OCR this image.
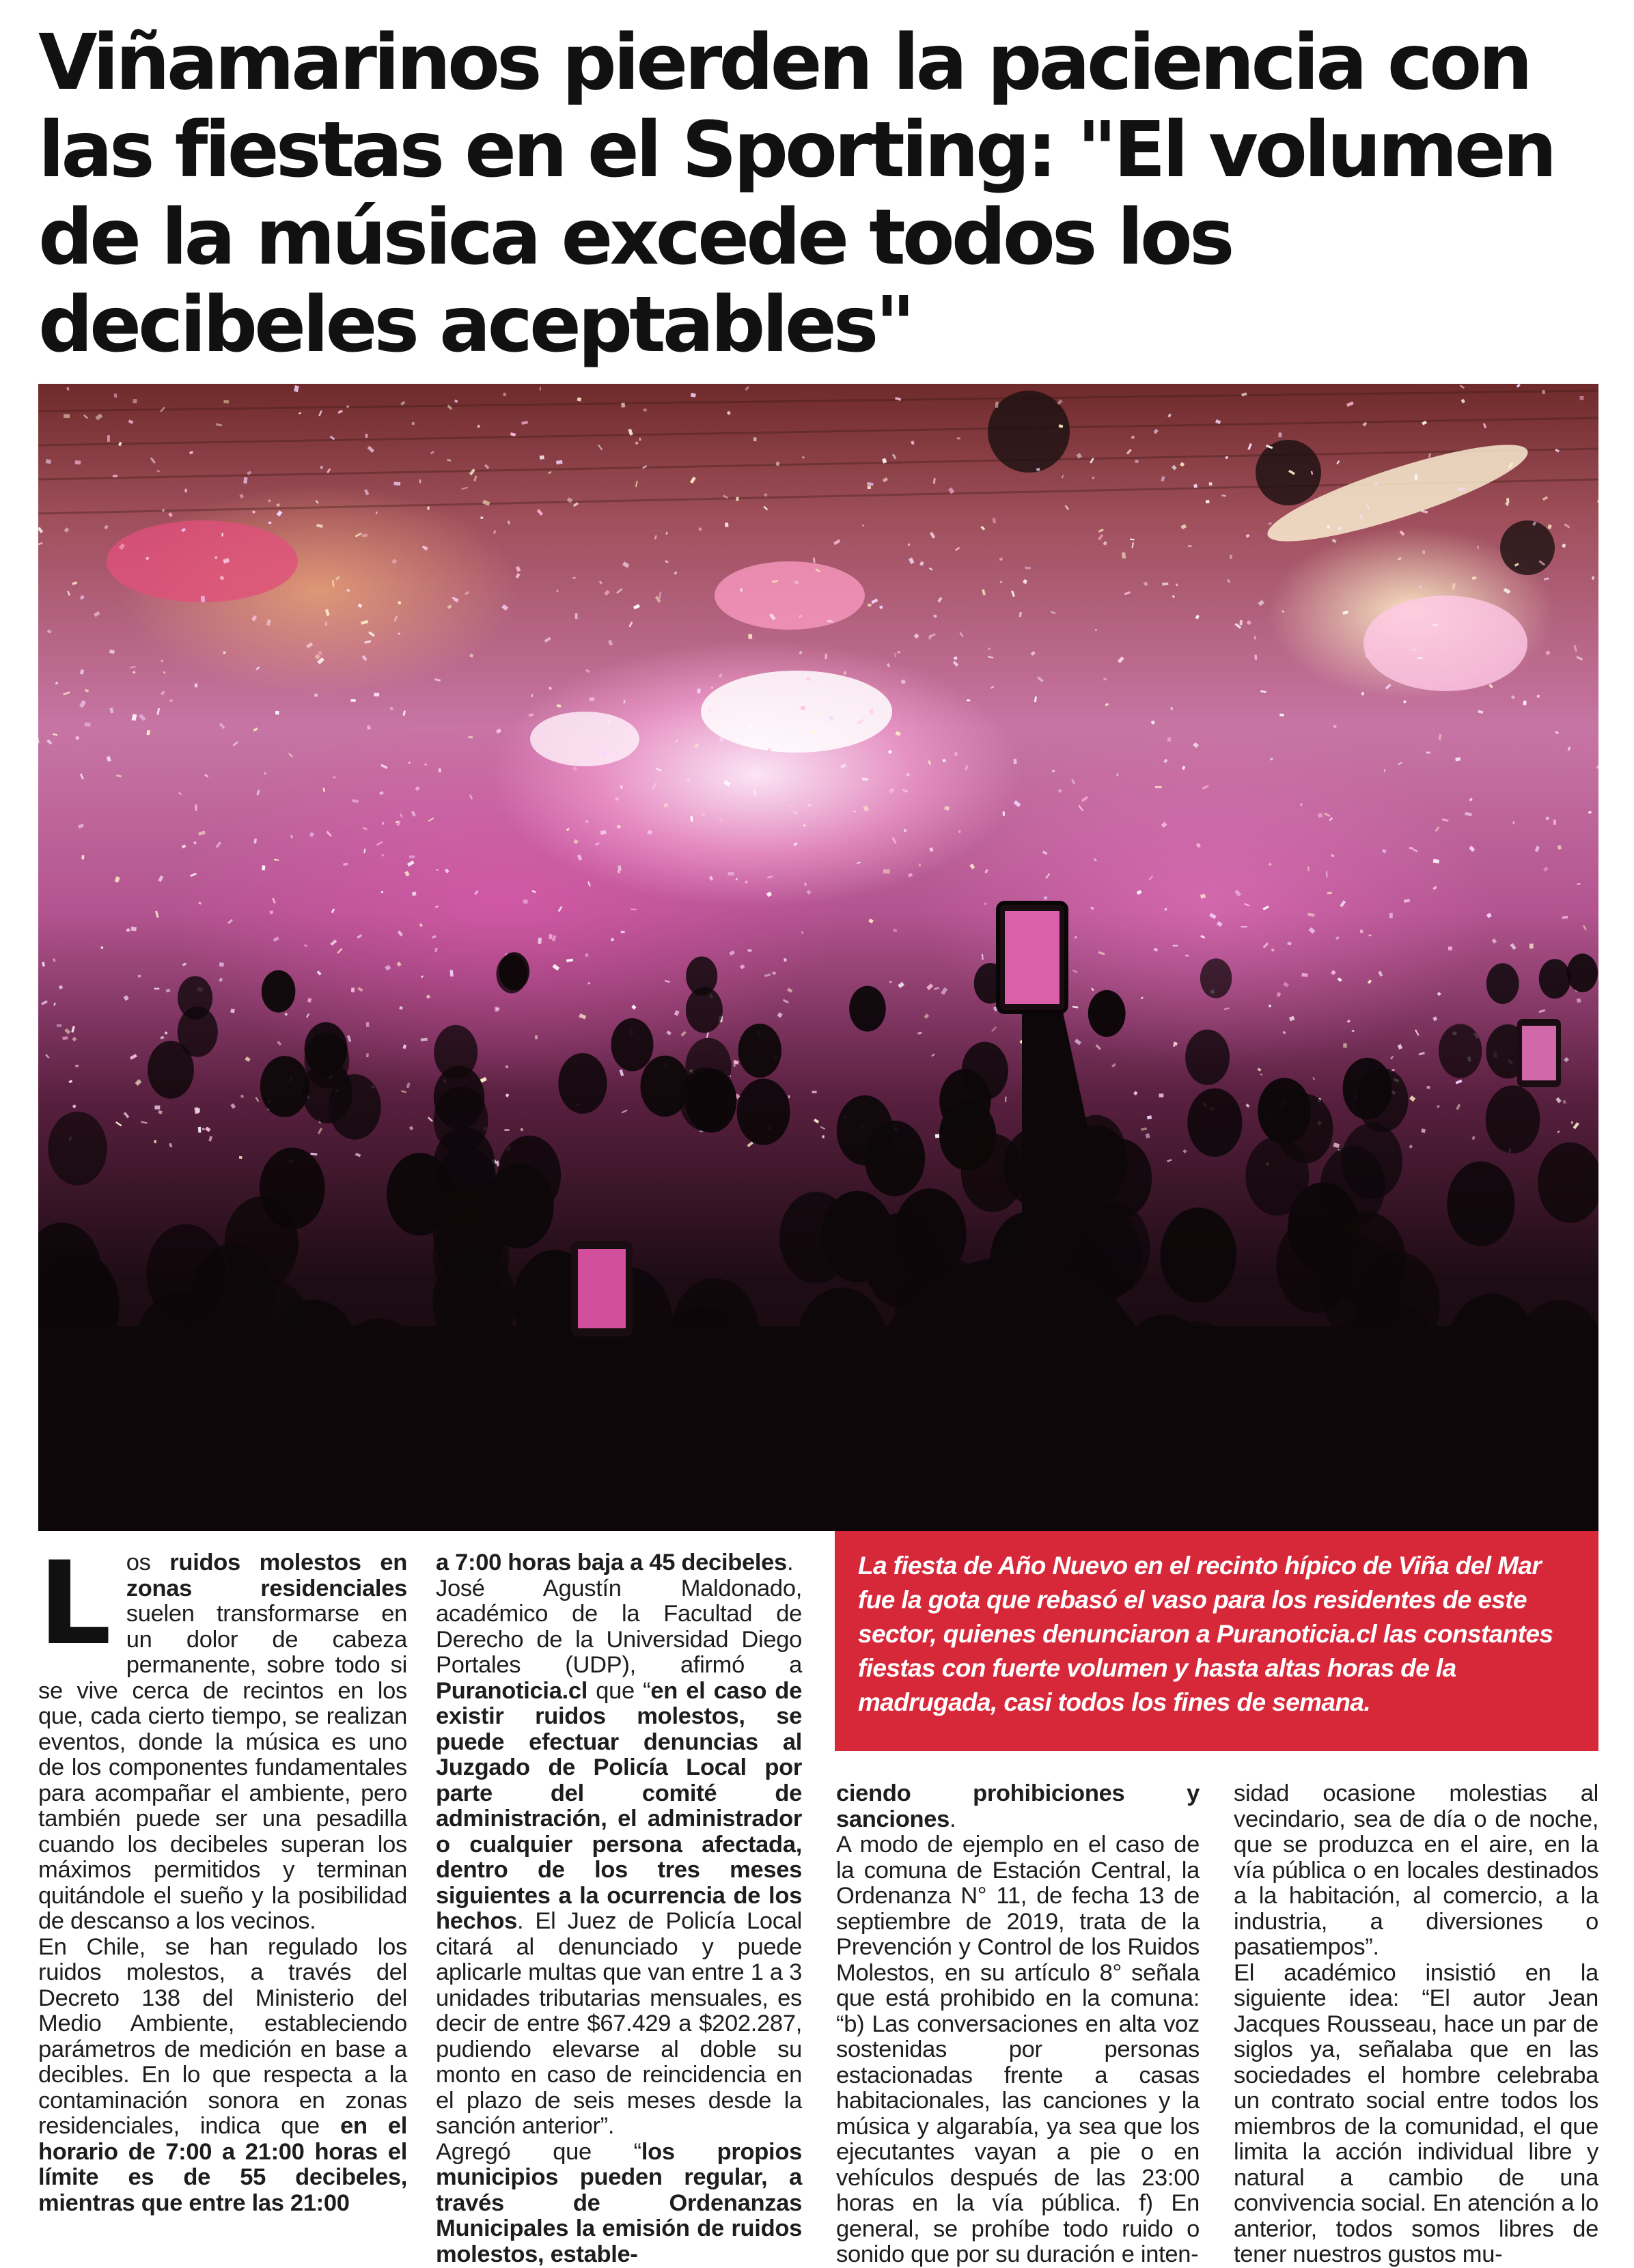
Viñamarinos pierden la paciencia con las fiestas en el Sporting: "El volumen de la música excede todos los decibeles aceptables"
La fiesta de Año Nuevo en el recinto hípico de Viña del Mar fue la gota que rebasó el vaso para los residentes de este sector, quienes denunciaron a Puranoticia.cl las constantes fiestas con fuerte volumen y hasta altas horas de la madrugada, casi todos los fines de semana.

Los ruidos molestos en zonas residenciales suelen transformarse en un dolor de cabeza permanente, sobre todo si se vive cerca de recintos en los que, cada cierto tiempo, se realizan eventos, donde la música es uno de los componentes fundamentales para acompañar el ambiente, pero también puede ser una pesadilla cuando los decibeles superan los máximos permitidos y terminan quitándole el sueño y la posibilidad de descanso a los vecinos.

En Chile, se han regulado los ruidos molestos, a través del Decreto 138 del Ministerio del Medio Ambiente, estableciendo parámetros de medición en base a decibles. En lo que respecta a la contaminación sonora en zonas residenciales, indica que en el horario de 7:00 a 21:00 horas el límite es de 55 decibeles, mientras que entre las 21:00

a 7:00 horas baja a 45 decibeles.

José Agustín Maldonado, académico de la Facultad de Derecho de la Universidad Diego Portales (UDP), afirmó a Puranoticia.cl que “en el caso de existir ruidos molestos, se puede efectuar denuncias al Juzgado de Policía Local por parte del comité de administración, el administrador o cualquier persona afectada, dentro de los tres meses siguientes a la ocurrencia de los hechos. El Juez de Policía Local citará al denunciado y puede aplicarle multas que van entre 1 a 3 unidades tributarias mensuales, es decir de entre $67.429 a $202.287, pudiendo elevarse al doble su monto en caso de reincidencia en el plazo de seis meses desde la sanción anterior”.

Agregó que “los propios municipios pueden regular, a través de Ordenanzas Municipales la emisión de ruidos molestos, estable-

ciendo prohibiciones y sanciones.

A modo de ejemplo en el caso de la comuna de Estación Central, la Ordenanza N° 11, de fecha 13 de septiembre de 2019, trata de la Prevención y Control de los Ruidos Molestos, en su artículo 8° señala que está prohibido en la comuna: “b) Las conversaciones en alta voz sostenidas por personas estacionadas frente a casas habitacionales, las canciones y la música y algarabía, ya sea que los ejecutantes vayan a pie o en vehículos después de las 23:00 horas en la vía pública. f) En general, se prohíbe todo ruido o sonido que por su duración e inten-

sidad ocasione molestias al vecindario, sea de día o de noche, que se produzca en el aire, en la vía pública o en locales destinados a la habitación, al comercio, a la industria, a diversiones o pasatiempos”.

El académico insistió en la siguiente idea: “El autor Jean Jacques Rousseau, hace un par de siglos ya, señalaba que en las sociedades el hombre celebraba un contrato social entre todos los miembros de la comunidad, el que limita la acción individual libre y natural a cambio de una convivencia social. En atención a lo anterior, todos somos libres de tener nuestros gustos mu-
